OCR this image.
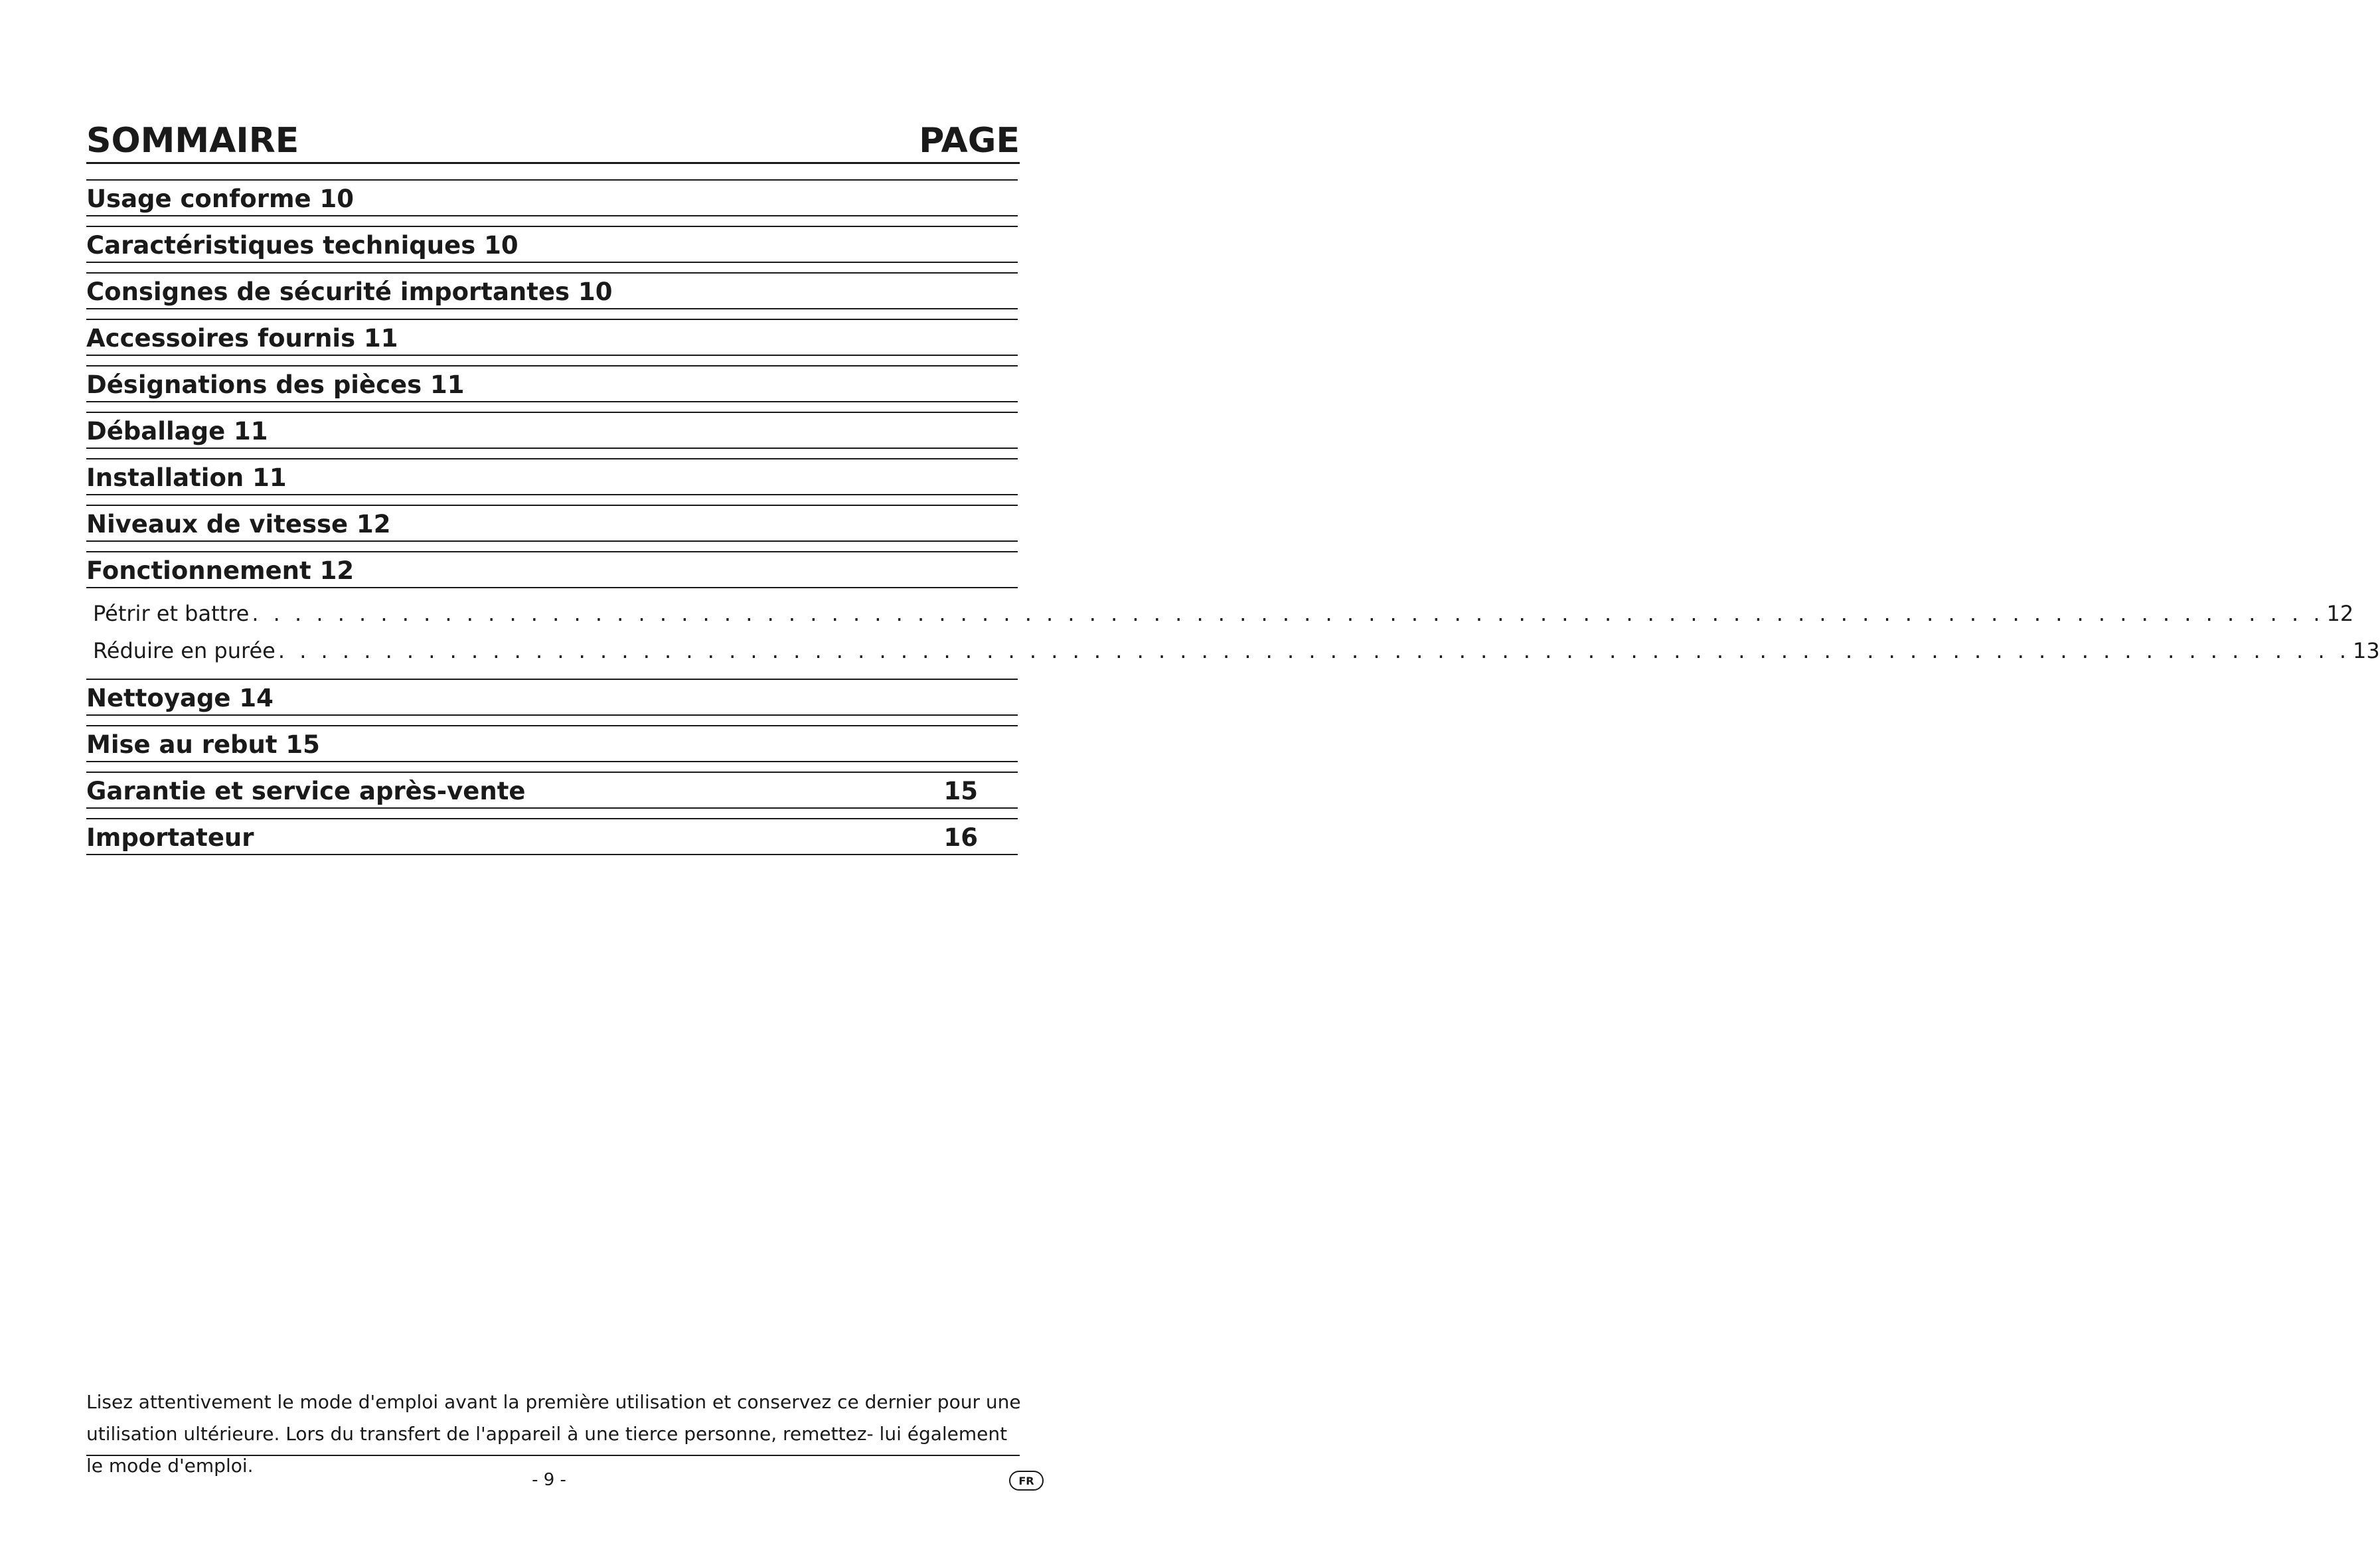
SOMMAIRE	PAGE
Usage conforme 10
Caractéristiques techniques 10
Consignes de sécurité importantes 10
Accessoires fournis 11
Désignations des pièces 11
Déballage 11
Installation 11
Niveaux de vitesse 12
Fonctionnement 12
Pétrir et battre . . . . . . . . . . . . . . . . . . . . . . . . . . . . . . . . . . . . . . . . . . . . . . . . . . . . . . . . . . . . . . . . . . . . . . . . . . . . . . . . . . . . . . . . . . . . . . . . . 12
Réduire en purée . . . . . . . . . . . . . . . . . . . . . . . . . . . . . . . . . . . . . . . . . . . . . . . . . . . . . . . . . . . . . . . . . . . . . . . . . . . . . . . . . . . . . . . . . . . . . . . . . 13
Nettoyage 14
Mise au rebut 15
Garantie et service après-vente	15
Importateur	16
Lisez attentivement le mode d'emploi avant la première utilisation et conservez ce dernier pour une utilisation ultérieure. Lors du transfert de l'appareil à une tierce personne, remettez- lui également le mode d'emploi.
- 9 -	FR
